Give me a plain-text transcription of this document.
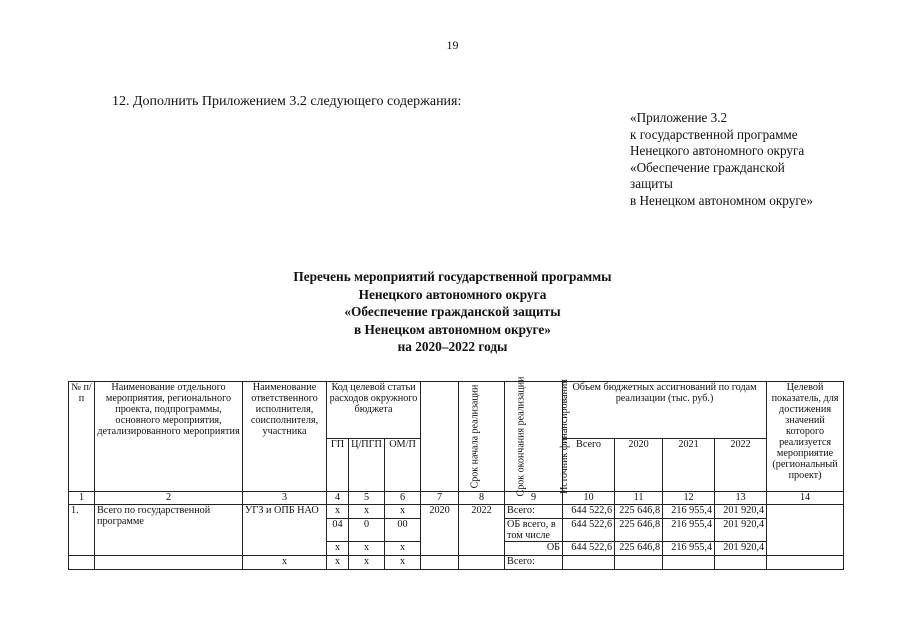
19
12. Дополнить Приложением 3.2 следующего содержания:
«Приложение 3.2
к государственной программе
Ненецкого автономного округа
«Обеспечение гражданской
защиты
в Ненецком автономном округе»
Перечень мероприятий государственной программы
Ненецкого автономного округа
«Обеспечение гражданской защиты
в Ненецком автономном округе»
на 2020–2022 годы
№ п/п	Наименование отдельного мероприятия, регионального проекта, подпрограммы, основного мероприятия, детализированного мероприятия	Наименование ответственного исполнителя, соисполнителя, участника	Код целевой статьи расходов окружного бюджета			Срок начала реализации	Срок окончания реализации	Источник финансирования	Объем бюджетных ассигнований по годам реализации (тыс. руб.)				Целевой показатель, для достижения значений которого реализуется мероприятие (региональный проект)
			ГП	Ц/ПГП	ОМ/П				Всего	2020	2021	2022	
1	2	3	4	5	6	7	8	9	10	11	12	13	14
1.	Всего по государственной программе	УГЗ и ОПБ НАО	х	х	х	2020	2022	Всего:	644 522,6	225 646,8	216 955,4	201 920,4	
			04	0	00			ОБ всего, в том числе	644 522,6	225 646,8	216 955,4	201 920,4	
			х	х	х			ОБ	644 522,6	225 646,8	216 955,4	201 920,4	
		х	х	х	х			Всего:					
